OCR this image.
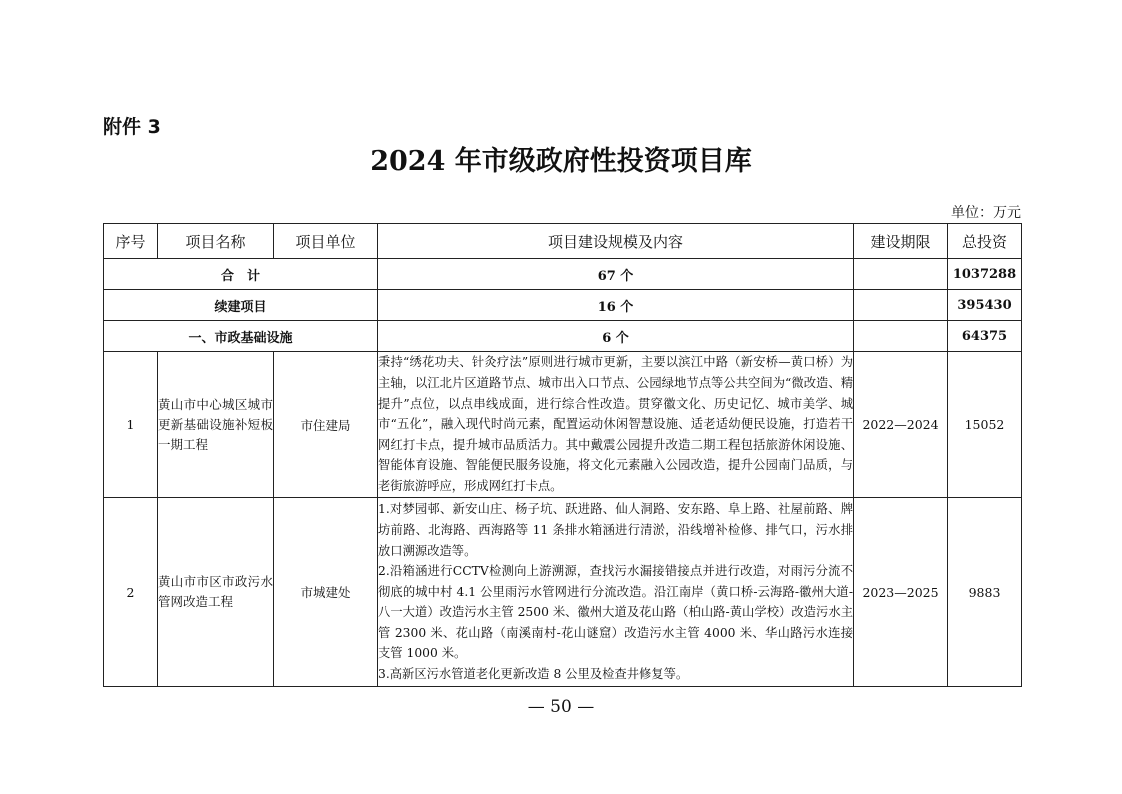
附件 3
2024 年市级政府性投资项目库
单位：万元
序号	项目名称	项目单位	项目建设规模及内容	建设期限	总投资
合　计			67 个		1037288
续建项目			16 个		395430
一、市政基础设施			6 个		64375
1	黄山市中心城区城市更新基础设施补短板一期工程	市住建局	秉持“绣花功夫、针灸疗法”原则进行城市更新，主要以滨江中路（新安桥—黄口桥）为主轴，以江北片区道路节点、城市出入口节点、公园绿地节点等公共空间为“微改造、精提升”点位，以点串线成面，进行综合性改造。贯穿徽文化、历史记忆、城市美学、城市“五化”，融入现代时尚元素，配置运动休闲智慧设施、适老适幼便民设施，打造若干网红打卡点，提升城市品质活力。其中戴震公园提升改造二期工程包括旅游休闲设施、智能体育设施、智能便民服务设施，将文化元素融入公园改造，提升公园南门品质，与老街旅游呼应，形成网红打卡点。	2022—2024	15052
2	黄山市市区市政污水管网改造工程	市城建处	1.对梦园邨、新安山庄、杨子坑、跃进路、仙人洞路、安东路、阜上路、社屋前路、牌坊前路、北海路、西海路等 11 条排水箱涵进行清淤，沿线增补检修、排气口，污水排放口溯源改造等。

2.沿箱涵进行CCTV检测向上游溯源，查找污水漏接错接点并进行改造，对雨污分流不彻底的城中村 4.1 公里雨污水管网进行分流改造。沿江南岸（黄口桥-云海路-徽州大道-八一大道）改造污水主管 2500 米、徽州大道及花山路（柏山路-黄山学校）改造污水主管 2300 米、花山路（南溪南村-花山谜窟）改造污水主管 4000 米、华山路污水连接支管 1000 米。

3.高新区污水管道老化更新改造 8 公里及检查井修复等。	2023—2025	9883
— 50 —
